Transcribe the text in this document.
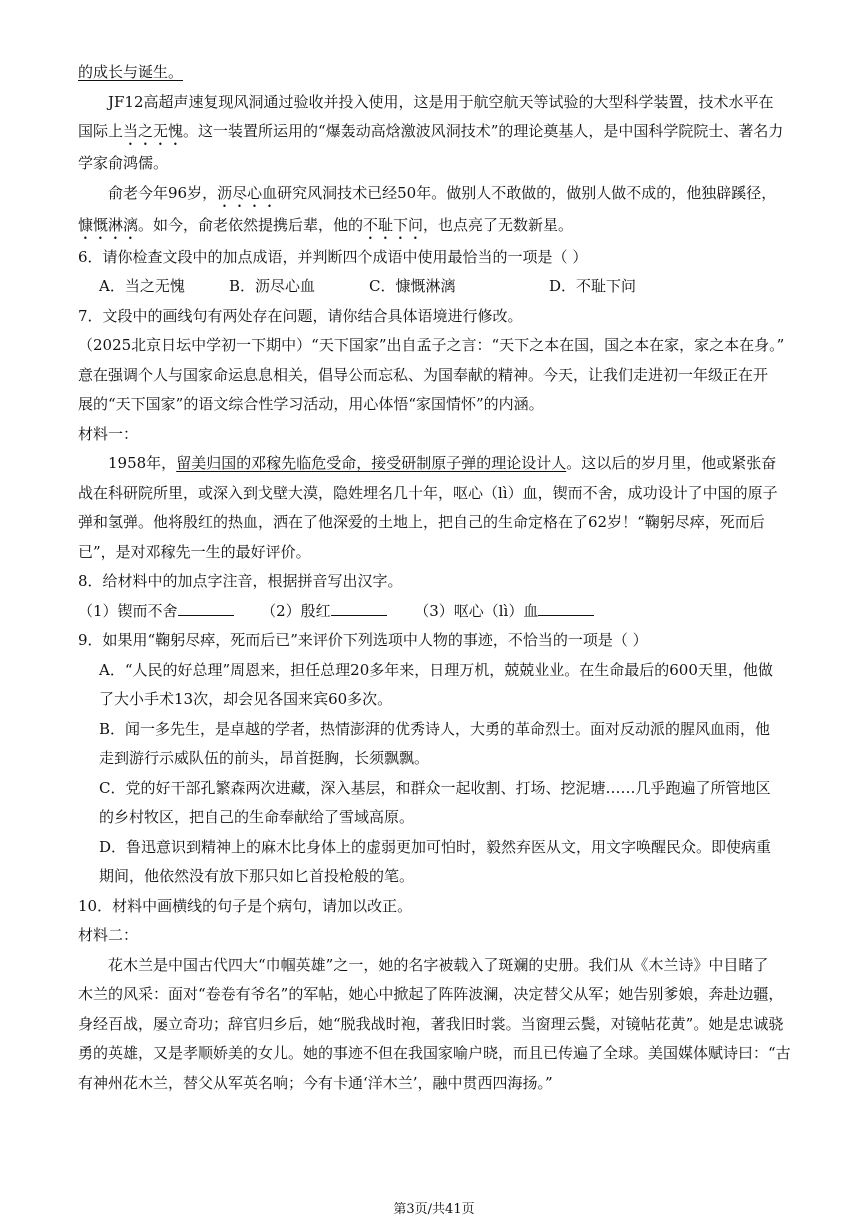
的成长与诞生。
JF12高超声速复现风洞通过验收并投入使用，这是用于航空航天等试验的大型科学装置，技术水平在
国际上当之无愧。这一装置所运用的“爆轰动高焓激波风洞技术”的理论奠基人，是中国科学院院士、著名力
学家俞鸿儒。
俞老今年96岁，沥尽心血研究风洞技术已经50年。做别人不敢做的，做别人做不成的，他独辟蹊径，
慷慨淋漓。如今，俞老依然提携后辈，他的不耻下问，也点亮了无数新星。
6．请你检查文段中的加点成语，并判断四个成语中使用最恰当的一项是（ ）
A．当之无愧	B．沥尽心血	C．慷慨淋漓	D．不耻下问
7．文段中的画线句有两处存在问题，请你结合具体语境进行修改。
（2025北京日坛中学初一下期中）“天下国家”出自孟子之言：“天下之本在国，国之本在家，家之本在身。”
意在强调个人与国家命运息息相关，倡导公而忘私、为国奉献的精神。今天，让我们走进初一年级正在开
展的“天下国家”的语文综合性学习活动，用心体悟“家国情怀”的内涵。
材料一：
1958年，留美归国的邓稼先临危受命，接受研制原子弹的理论设计人。这以后的岁月里，他或紧张奋
战在科研院所里，或深入到戈壁大漠，隐姓埋名几十年，呕心（lì）血，锲而不舍，成功设计了中国的原子
弹和氢弹。他将殷红的热血，洒在了他深爱的土地上，把自己的生命定格在了62岁！“鞠躬尽瘁，死而后
已”，是对邓稼先一生的最好评价。
8．给材料中的加点字注音，根据拼音写出汉字。
（1）锲而不舍	（2）殷红	（3）呕心（lì）血
9．如果用“鞠躬尽瘁，死而后已”来评价下列选项中人物的事迹，不恰当的一项是（ ）
A．“人民的好总理”周恩来，担任总理20多年来，日理万机，兢兢业业。在生命最后的600天里，他做
了大小手术13次，却会见各国来宾60多次。
B．闻一多先生，是卓越的学者，热情澎湃的优秀诗人，大勇的革命烈士。面对反动派的腥风血雨，他
走到游行示威队伍的前头，昂首挺胸，长须飘飘。
C．党的好干部孔繁森两次进藏，深入基层，和群众一起收割、打场、挖泥塘……几乎跑遍了所管地区
的乡村牧区，把自己的生命奉献给了雪域高原。
D．鲁迅意识到精神上的麻木比身体上的虚弱更加可怕时，毅然弃医从文，用文字唤醒民众。即使病重
期间，他依然没有放下那只如匕首投枪般的笔。
10．材料中画横线的句子是个病句，请加以改正。
材料二：
花木兰是中国古代四大“巾帼英雄”之一，她的名字被载入了斑斓的史册。我们从《木兰诗》中目睹了
木兰的风采：面对“卷卷有爷名”的军帖，她心中掀起了阵阵波澜，决定替父从军；她告别爹娘，奔赴边疆，
身经百战，屡立奇功；辞官归乡后，她“脱我战时袍，著我旧时裳。当窗理云鬓，对镜帖花黄”。她是忠诚骁
勇的英雄，又是孝顺娇美的女儿。她的事迹不但在我国家喻户晓，而且已传遍了全球。美国媒体赋诗曰：“古
有神州花木兰，替父从军英名响；今有卡通‘洋木兰’，融中贯西四海扬。”
第3页/共41页
